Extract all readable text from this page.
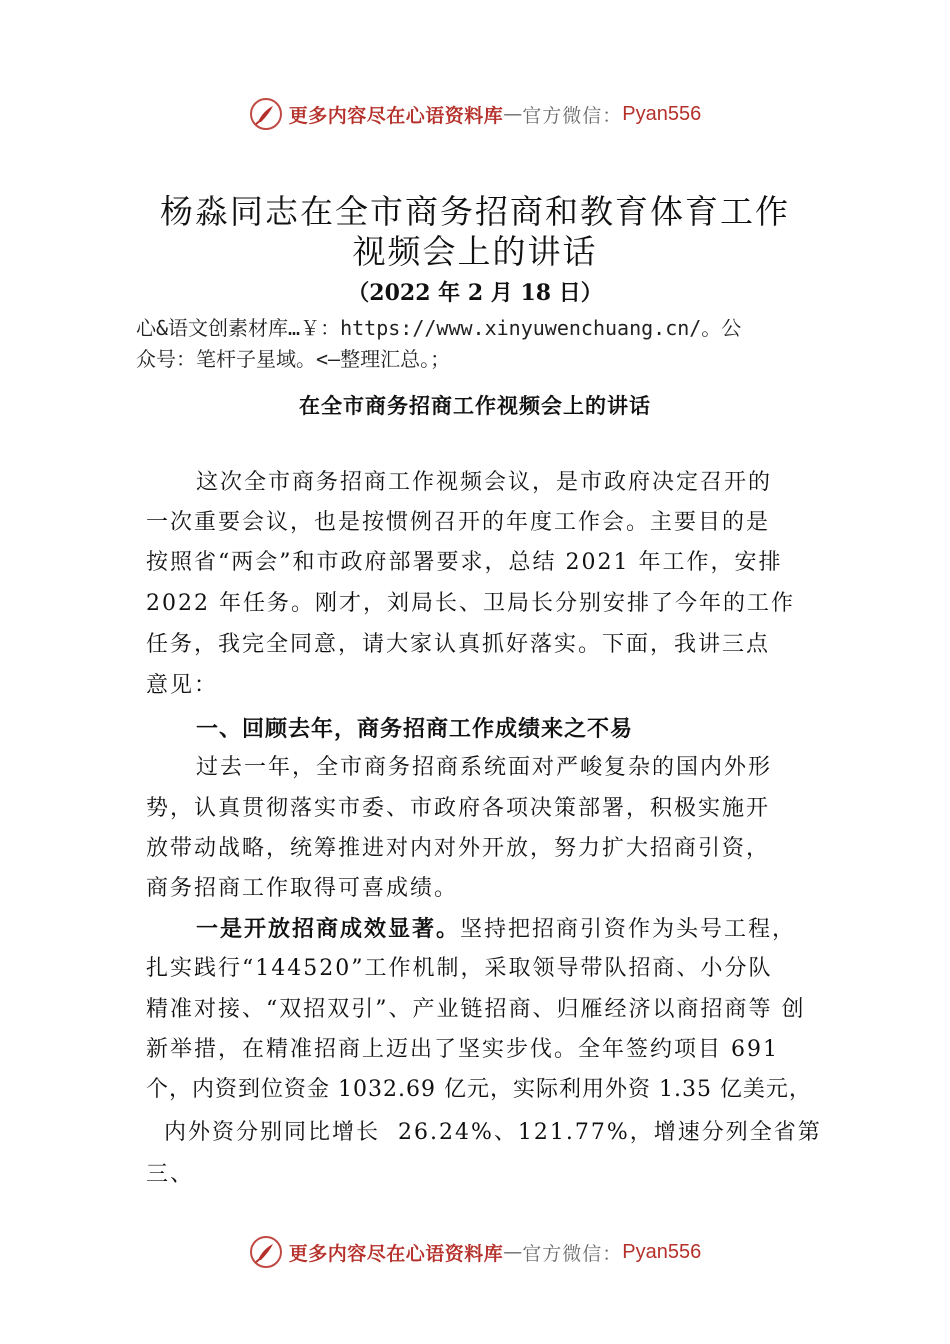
更多内容尽在心语资料库 — 官方微信： Pyan556
杨淼同志在全市商务招商和教育体育工作
视频会上的讲话
（2022 年 2 月 18 日）
心&语文创素材库…￥：https://www.xinyuwenchuang.cn/。公
众号：笔杆子星域。<—整理汇总。；
在全市商务招商工作视频会上的讲话
这次全市商务招商工作视频会议，是市政府决定召开的
一次重要会议，也是按惯例召开的年度工作会。主要目的是
按照省“两会”和市政府部署要求，总结 2021 年工作，安排
2022 年任务。刚才，刘局长、卫局长分别安排了今年的工作
任务，我完全同意，请大家认真抓好落实。下面，我讲三点
意见：
一、回顾去年，商务招商工作成绩来之不易
过去一年，全市商务招商系统面对严峻复杂的国内外形
势，认真贯彻落实市委、市政府各项决策部署，积极实施开
放带动战略，统筹推进对内对外开放，努力扩大招商引资，
商务招商工作取得可喜成绩。
一是开放招商成效显著。坚持把招商引资作为头号工程，
扎实践行“144520”工作机制，采取领导带队招商、小分队
精准对接、“双招双引”、产业链招商、归雁经济以商招商等 创
新举措，在精准招商上迈出了坚实步伐。全年签约项目 691
个，内资到位资金 1032.69 亿元，实际利用外资 1.35 亿美元，
内外资分别同比增长  26.24%、121.77%，增速分列全省第
三、
更多内容尽在心语资料库 — 官方微信： Pyan556
